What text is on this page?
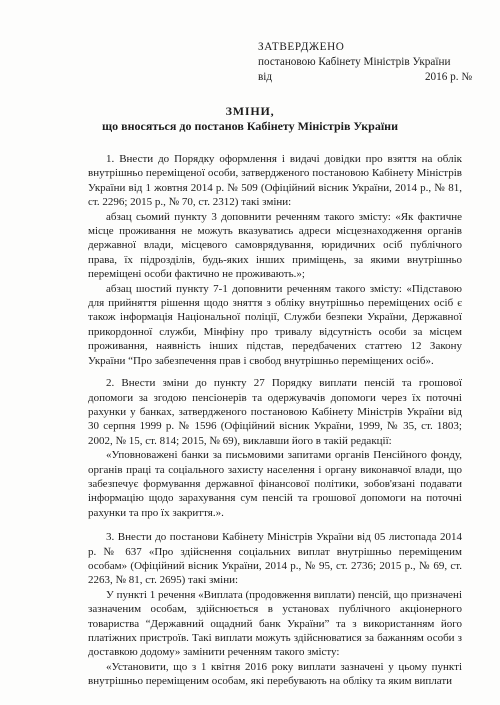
ЗАТВЕРДЖЕНО
постановою Кабінету Міністрів України
від	2016 р. №
ЗМІНИ,
що вносяться до постанов Кабінету Міністрів України

1. Внести до Порядку оформлення і видачі довідки про взяття на облік внутрішньо переміщеної особи, затвердженого постановою Кабінету Міністрів України від 1 жовтня 2014 р. № 509 (Офіційний вісник України, 2014 р., № 81, ст. 2296; 2015 р., № 70, ст. 2312) такі зміни:

абзац сьомий пункту 3 доповнити реченням такого змісту: «Як фактичне місце проживання не можуть вказуватись адреси місцезнаходження органів державної влади, місцевого самоврядування, юридичних осіб публічного права, їх підрозділів, будь-яких інших приміщень, за якими внутрішньо переміщені особи фактично не проживають.»;

абзац шостий пункту 7-1 доповнити реченням такого змісту: «Підставою для прийняття рішення щодо зняття з обліку внутрішньо переміщених осіб є також інформація Національної поліції, Служби безпеки України, Державної прикордонної служби, Мінфіну про тривалу відсутність особи за місцем проживання, наявність інших підстав, передбачених статтею 12 Закону України “Про забезпечення прав і свобод внутрішньо переміщених осіб».

2. Внести зміни до пункту 27 Порядку виплати пенсій та грошової допомоги за згодою пенсіонерів та одержувачів допомоги через їх поточні рахунки у банках, затвердженого постановою Кабінету Міністрів України від 30 серпня 1999 р. № 1596 (Офіційний вісник України, 1999, № 35, ст. 1803; 2002, № 15, ст. 814; 2015, № 69), виклавши його в такій редакції:

«Уповноважені банки за письмовими запитами органів Пенсійного фонду, органів праці та соціального захисту населення і органу виконавчої влади, що забезпечує формування державної фінансової політики, зобов'язані подавати інформацію щодо зарахування сум пенсій та грошової допомоги на поточні рахунки та про їх закриття.».

3. Внести до постанови Кабінету Міністрів України від 05 листопада 2014 р. № 637 «Про здійснення соціальних виплат внутрішньо переміщеним особам» (Офіційний вісник України, 2014 р., № 95, ст. 2736; 2015 р., № 69, ст. 2263, № 81, ст. 2695) такі зміни:

У пункті 1 речення «Виплата (продовження виплати) пенсій, що призначені зазначеним особам, здійснюється в установах публічного акціонерного товариства “Державний ощадний банк України” та з використанням його платіжних пристроїв. Такі виплати можуть здійснюватися за бажанням особи з доставкою додому» замінити реченням такого змісту:

«Установити, що з 1 квітня 2016 року виплати зазначені у цьому пункті внутрішньо переміщеним особам, які перебувають на обліку та яким виплати
